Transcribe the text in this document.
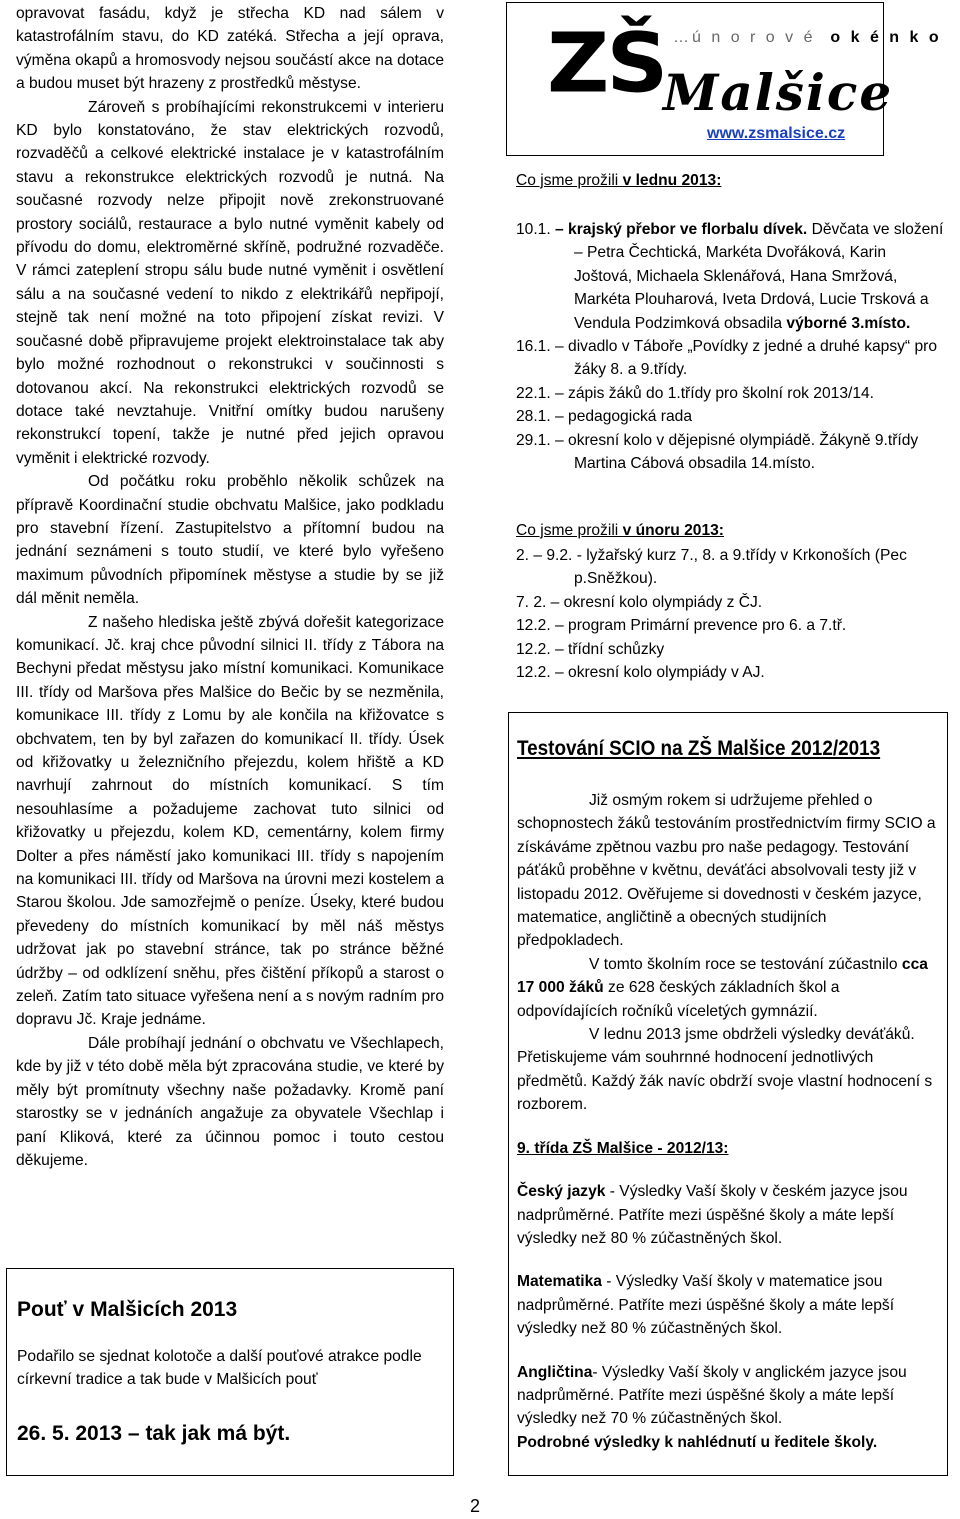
opravovat fasádu, když je střecha KD nad sálem v katastrofálním stavu, do KD zatéká. Střecha a její oprava, výměna okapů a hromosvody nejsou součástí akce na dotace a budou muset být hrazeny z prostředků městyse.

Zároveň s probíhajícími rekonstrukcemi v interieru KD bylo konstatováno, že stav elektrických rozvodů, rozvaděčů a celkové elektrické instalace je v katastrofálním stavu a rekonstrukce elektrických rozvodů je nutná. Na současné rozvody nelze připojit nově zrekonstruované prostory sociálů, restaurace a bylo nutné vyměnit kabely od přívodu do domu, elektroměrné skříně, podružné rozvaděče. V rámci zateplení stropu sálu bude nutné vyměnit i osvětlení sálu a na současné vedení to nikdo z elektrikářů nepřipojí, stejně tak není možné na toto připojení získat revizi. V současné době připravujeme projekt elektroinstalace tak aby bylo možné rozhodnout o rekonstrukci v součinnosti s dotovanou akcí. Na rekonstrukci elektrických rozvodů se dotace také nevztahuje. Vnitřní omítky budou narušeny rekonstrukcí topení, takže je nutné před jejich opravou vyměnit i elektrické rozvody.

Od počátku roku proběhlo několik schůzek na přípravě Koordinační studie obchvatu Malšice, jako podkladu pro stavební řízení. Zastupitelstvo a přítomní budou na jednání seznámeni s touto studií, ve které bylo vyřešeno maximum původních připomínek městyse a studie by se již dál měnit neměla.

Z našeho hlediska ještě zbývá dořešit kategorizace komunikací. Jč. kraj chce původní silnici II. třídy z Tábora na Bechyni předat městysu jako místní komunikaci. Komunikace III. třídy od Maršova přes Malšice do Bečic by se nezměnila, komunikace III. třídy z Lomu by ale končila na křižovatce s obchvatem, ten by byl zařazen do komunikací II. třídy. Úsek od křižovatky u železničního přejezdu, kolem hřiště a KD navrhují zahrnout do místních komunikací. S tím nesouhlasíme a požadujeme zachovat tuto silnici od křižovatky u přejezdu, kolem KD, cementárny, kolem firmy Dolter a přes náměstí jako komunikaci III. třídy s napojením na komunikaci III. třídy od Maršova na úrovni mezi kostelem a Starou školou. Jde samozřejmě o peníze. Úseky, které budou převedeny do místních komunikací by měl náš městys udržovat jak po stavební stránce, tak po stránce běžné údržby – od odklízení sněhu, přes čištění příkopů a starost o zeleň. Zatím tato situace vyřešena není a s novým radním pro dopravu Jč. Kraje jednáme.

Dále probíhají jednání o obchvatu ve Všechlapech, kde by již v této době měla být zpracována studie, ve které by měly být promítnuty všechny naše požadavky. Kromě paní starostky se v jednáních angažuje za obyvatele Všechlap i paní Kliková, které za účinnou pomoc i touto cestou děkujeme.

Pouť v Malšicích 2013
Podařilo se sjednat kolotoče a další pouťové atrakce podle církevní tradice a tak bude v Malšicích pouť
26. 5. 2013 – tak jak má být.
ZŠ …ú n o r o v é o k é n k o
Malšice
www.zsmalsice.cz
Co jsme prožili v lednu 2013:
Co jsme prožili v únoru 2013:
Testování SCIO na ZŠ Malšice 2012/2013

Již osmým rokem si udržujeme přehled o schopnostech žáků testováním prostřednictvím firmy SCIO a získáváme zpětnou vazbu pro naše pedagogy. Testování páťáků proběhne v květnu, deváťáci absolvovali testy již v listopadu 2012. Ověřujeme si dovednosti v českém jazyce, matematice, angličtině a obecných studijních předpokladech.

V tomto školním roce se testování zúčastnilo cca 17 000 žáků ze 628 českých základních škol a odpovídajících ročníků víceletých gymnázií.

V lednu 2013 jsme obdrželi výsledky deváťáků. Přetiskujeme vám souhrnné hodnocení jednotlivých předmětů. Každý žák navíc obdrží svoje vlastní hodnocení s rozborem.

9. třída ZŠ Malšice - 2012/13:

Český jazyk - Výsledky Vaší školy v českém jazyce jsou nadprůměrné. Patříte mezi úspěšné školy a máte lepší výsledky než 80 % zúčastněných škol.

Matematika - Výsledky Vaší školy v matematice jsou nadprůměrné. Patříte mezi úspěšné školy a máte lepší výsledky než 80 % zúčastněných škol.

Angličtina- Výsledky Vaší školy v anglickém jazyce jsou nadprůměrné. Patříte mezi úspěšné školy a máte lepší výsledky než 70 % zúčastněných škol.

Podrobné výsledky k nahlédnutí u ředitele školy.

2
10.1. – krajský přebor ve florbalu dívek. Děvčata ve složení – Petra Čechtická, Markéta Dvořáková, Karin Joštová, Michaela Sklenářová, Hana Smržová, Markéta Plouharová, Iveta Drdová, Lucie Trsková a Vendula Podzimková obsadila výborné 3.místo.
16.1. – divadlo v Táboře „Povídky z jedné a druhé kapsy“ pro žáky 8. a 9.třídy.
22.1. – zápis žáků do 1.třídy pro školní rok 2013/14.
28.1. – pedagogická rada
29.1. – okresní kolo v dějepisné olympiádě. Žákyně 9.třídy Martina Cábová obsadila 14.místo.
2. – 9.2. - lyžařský kurz 7., 8. a 9.třídy v Krkonoších (Pec p.Sněžkou).
7. 2. – okresní kolo olympiády z ČJ.
12.2. – program Primární prevence pro 6. a 7.tř.
12.2. – třídní schůzky
12.2. – okresní kolo olympiády v AJ.
